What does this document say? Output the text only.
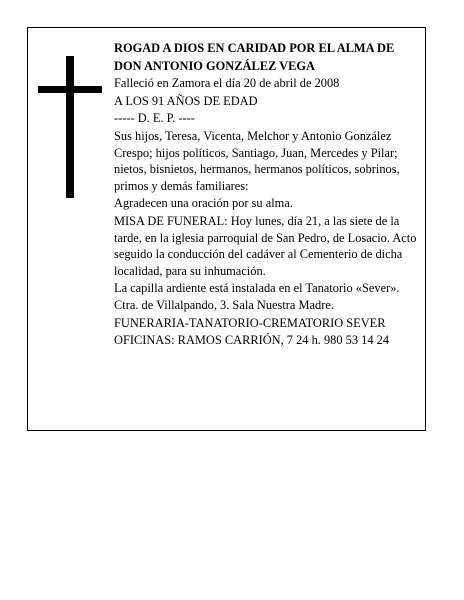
ROGAD A DIOS EN CARIDAD POR EL ALMA DE

DON ANTONIO GONZÁLEZ VEGA

Falleció en Zamora el día 20 de abril de 2008

A LOS 91 AÑOS DE EDAD

----- D. E. P. ----

Sus hijos, Teresa, Vicenta, Melchor y Antonio González Crespo; hijos políticos, Santiago, Juan, Mercedes y Pilar; nietos, bisnietos, hermanos, hermanos políticos, sobrinos, primos y demás familiares:

Agradecen una oración por su alma.

MISA DE FUNERAL: Hoy lunes, día 21, a las siete de la tarde, en la iglesia parroquial de San Pedro, de Losacio. Acto seguido la conducción del cadáver al Cementerio de dicha localidad, para su inhumación.

La capilla ardiente está instalada en el Tanatorio «Sever». Ctra. de Villalpando, 3. Sala Nuestra Madre.

FUNERARIA-TANATORIO-CREMATORIO SEVER

OFICINAS: RAMOS CARRIÓN, 7 24 h. 980 53 14 24
